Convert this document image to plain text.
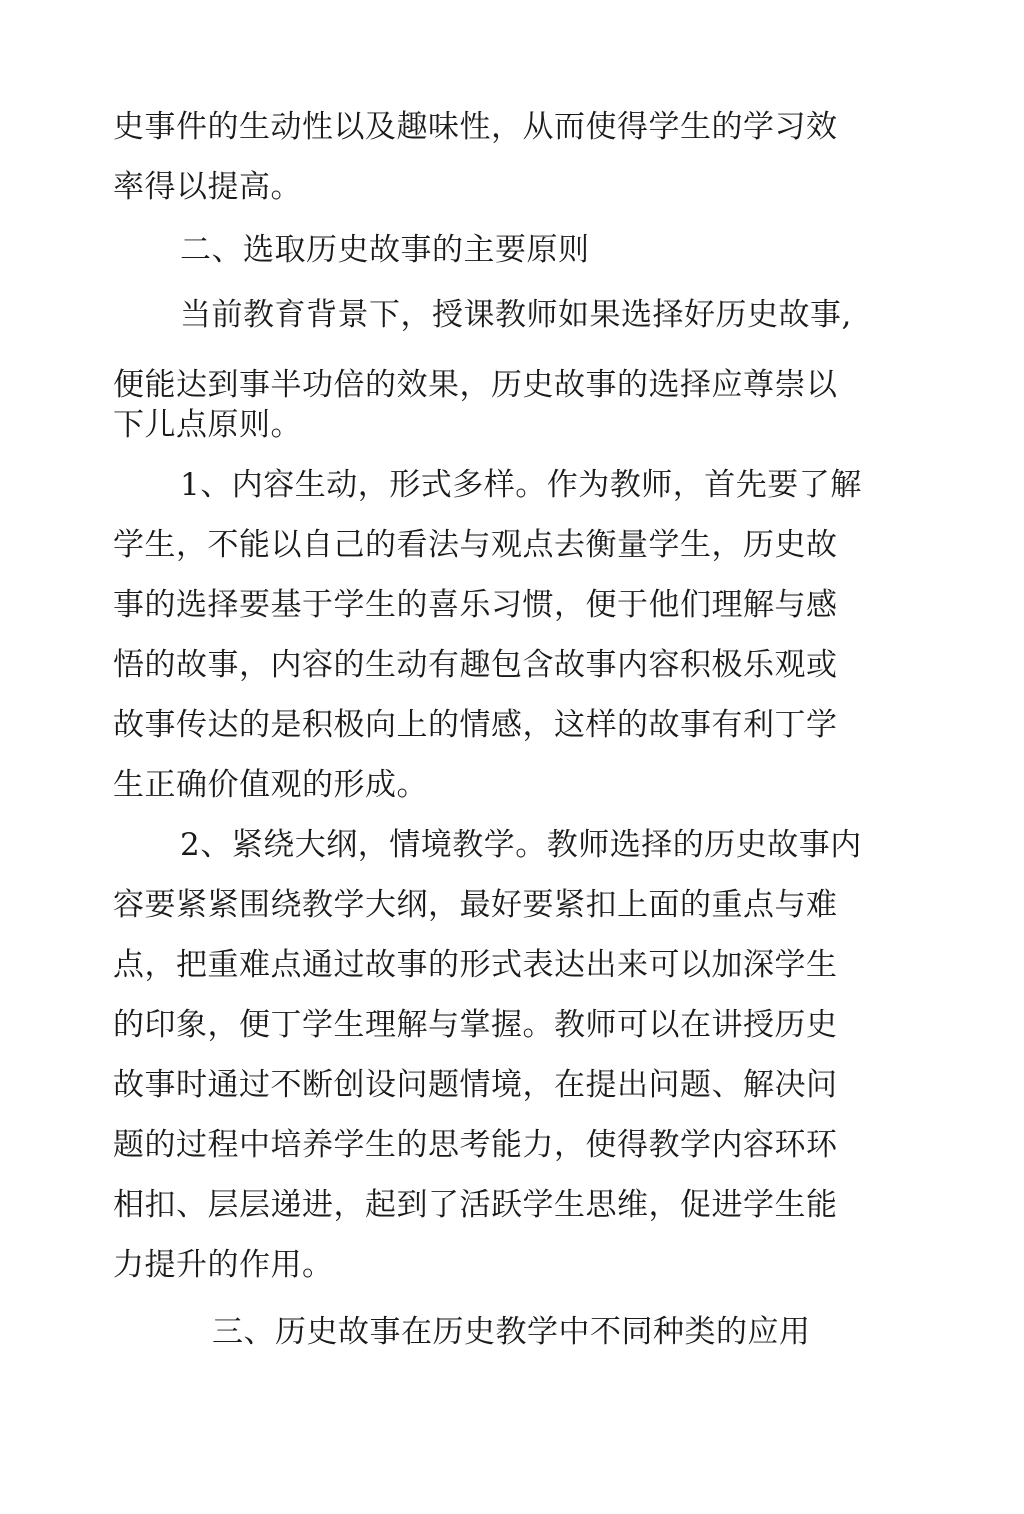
史事件的生动性以及趣味性，从而使得学生的学习效
率得以提高。
二、选取历史故事的主要原则
当前教育背景下，授课教师如果选择好历史故事,
便能达到事半功倍的效果，历史故事的选择应尊崇以
下儿点原则。
1、内容生动，形式多样。作为教师，首先要了解
学生，不能以自己的看法与观点去衡量学生，历史故
事的选择要基于学生的喜乐习惯，便于他们理解与感
悟的故事，内容的生动有趣包含故事内容积极乐观或
故事传达的是积极向上的情感，这样的故事有利丁学
生正确价值观的形成。
2、紧绕大纲，情境教学。教师选择的历史故事内
容要紧紧围绕教学大纲，最好要紧扣上面的重点与难
点，把重难点通过故事的形式表达出来可以加深学生
的印象，便丁学生理解与掌握。教师可以在讲授历史
故事时通过不断创设问题情境，在提出问题、解决问
题的过程中培养学生的思考能力，使得教学内容环环
相扣、层层递进，起到了活跃学生思维，促进学生能
力提升的作用。
三、历史故事在历史教学中不同种类的应用
